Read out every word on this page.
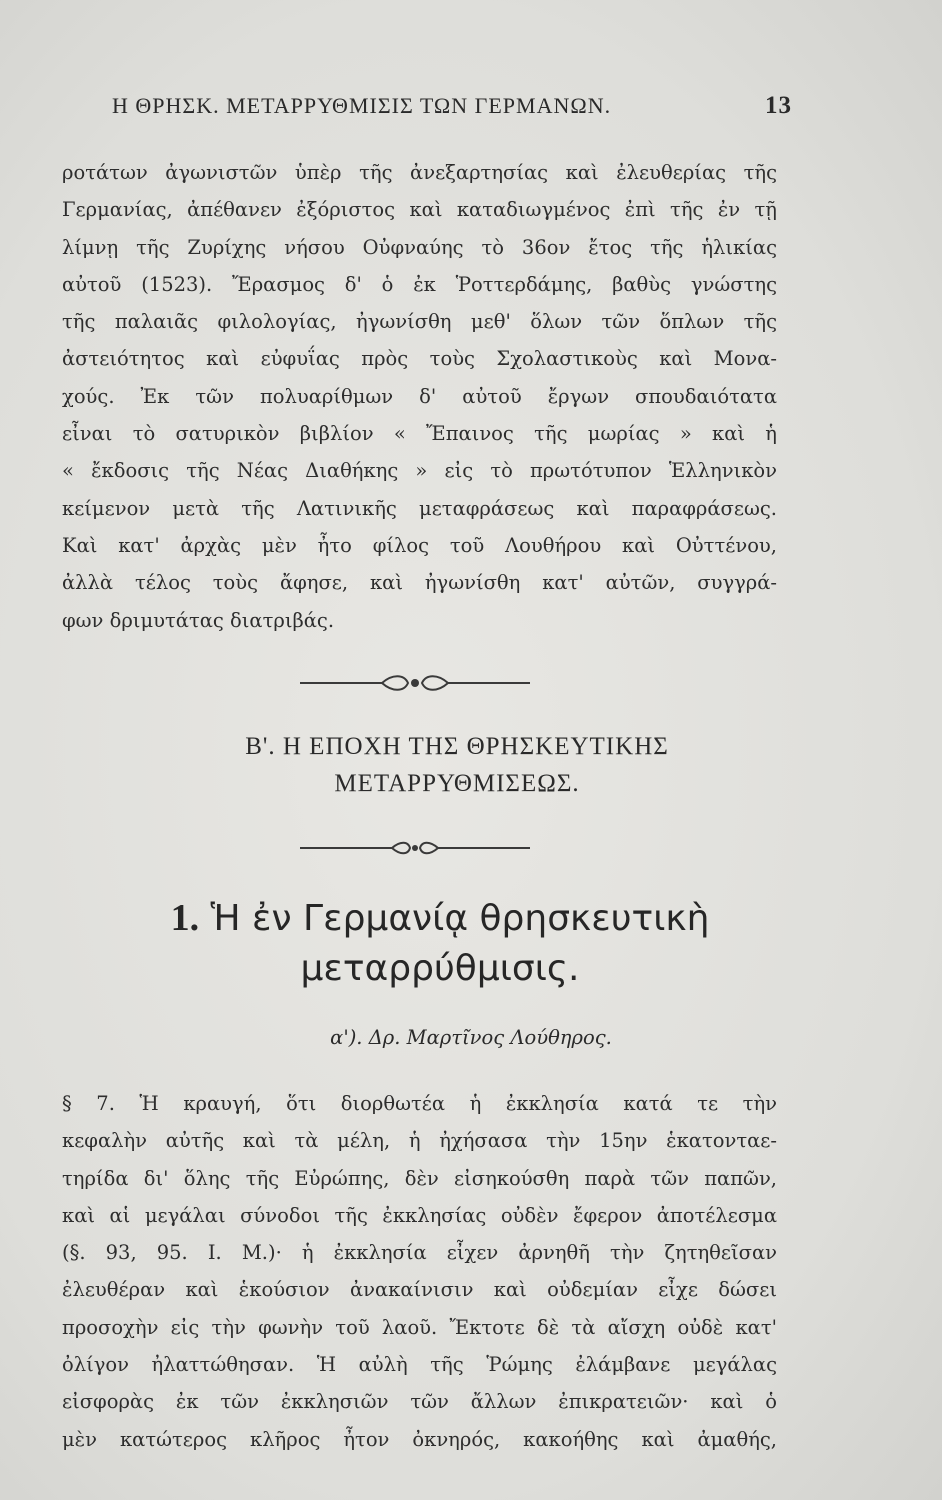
Η ΘΡΗΣΚ. ΜΕΤΑΡΡΥΘΜΙΣΙΣ ΤΩΝ ΓΕΡΜΑΝΩΝ.	13
ροτάτων ἀγωνιστῶν ὑπὲρ τῆς ἀνεξαρτησίας καὶ ἐλευθερίας τῆς
Γερμανίας, ἀπέθανεν ἐξόριστος καὶ καταδιωγμένος ἐπὶ τῆς ἐν τῇ
λίμνῃ τῆς Ζυρίχης νήσου Οὐφναύης τὸ 36ον ἔτος τῆς ἡλικίας
αὐτοῦ (1523). Ἔρασμος δ' ὁ ἐκ Ῥοττερδάμης, βαθὺς γνώστης
τῆς παλαιᾶς φιλολογίας, ἠγωνίσθη μεθ' ὅλων τῶν ὅπλων τῆς
ἀστειότητος καὶ εὐφυΐας πρὸς τοὺς Σχολαστικοὺς καὶ Μονα-
χούς. Ἐκ τῶν πολυαρίθμων δ' αὐτοῦ ἔργων σπουδαιότατα
εἶναι τὸ σατυρικὸν βιβλίον « Ἔπαινος τῆς μωρίας » καὶ ἡ
« ἔκδοσις τῆς Νέας Διαθήκης » εἰς τὸ πρωτότυπον Ἑλληνικὸν
κείμενον μετὰ τῆς Λατινικῆς μεταφράσεως καὶ παραφράσεως.
Καὶ κατ' ἀρχὰς μὲν ἦτο φίλος τοῦ Λουθήρου καὶ Οὐττένου,
ἀλλὰ τέλος τοὺς ἄφησε, καὶ ἠγωνίσθη κατ' αὐτῶν, συγγρά-
φων δριμυτάτας διατριβάς.
Β'. Η ΕΠΟΧΗ ΤΗΣ ΘΡΗΣΚΕΥΤΙΚΗΣ
ΜΕΤΑΡΡΥΘΜΙΣΕΩΣ.
1. Ἡ ἐν Γερμανίᾳ θρησκευτικὴ
μεταρρύθμισις.
α'). Δρ. Μαρτῖνος Λούθηρος.
§ 7. Ἡ κραυγή, ὅτι διορθωτέα ἡ ἐκκλησία κατά τε τὴν
κεφαλὴν αὐτῆς καὶ τὰ μέλη, ἡ ἠχήσασα τὴν 15ην ἑκατονταε-
τηρίδα δι' ὅλης τῆς Εὐρώπης, δὲν εἰσηκούσθη παρὰ τῶν παπῶν,
καὶ αἱ μεγάλαι σύνοδοι τῆς ἐκκλησίας οὐδὲν ἔφερον ἀποτέλεσμα
(§. 93, 95. Ι. Μ.)· ἡ ἐκκλησία εἶχεν ἀρνηθῆ τὴν ζητηθεῖσαν
ἐλευθέραν καὶ ἑκούσιον ἀνακαίνισιν καὶ οὐδεμίαν εἶχε δώσει
προσοχὴν εἰς τὴν φωνὴν τοῦ λαοῦ. Ἔκτοτε δὲ τὰ αἴσχη οὐδὲ κατ'
ὀλίγον ἠλαττώθησαν. Ἡ αὐλὴ τῆς Ῥώμης ἐλάμβανε μεγάλας
εἰσφορὰς ἐκ τῶν ἐκκλησιῶν τῶν ἄλλων ἐπικρατειῶν· καὶ ὁ
μὲν κατώτερος κλῆρος ἦτον ὀκνηρός, κακοήθης καὶ ἀμαθής,
